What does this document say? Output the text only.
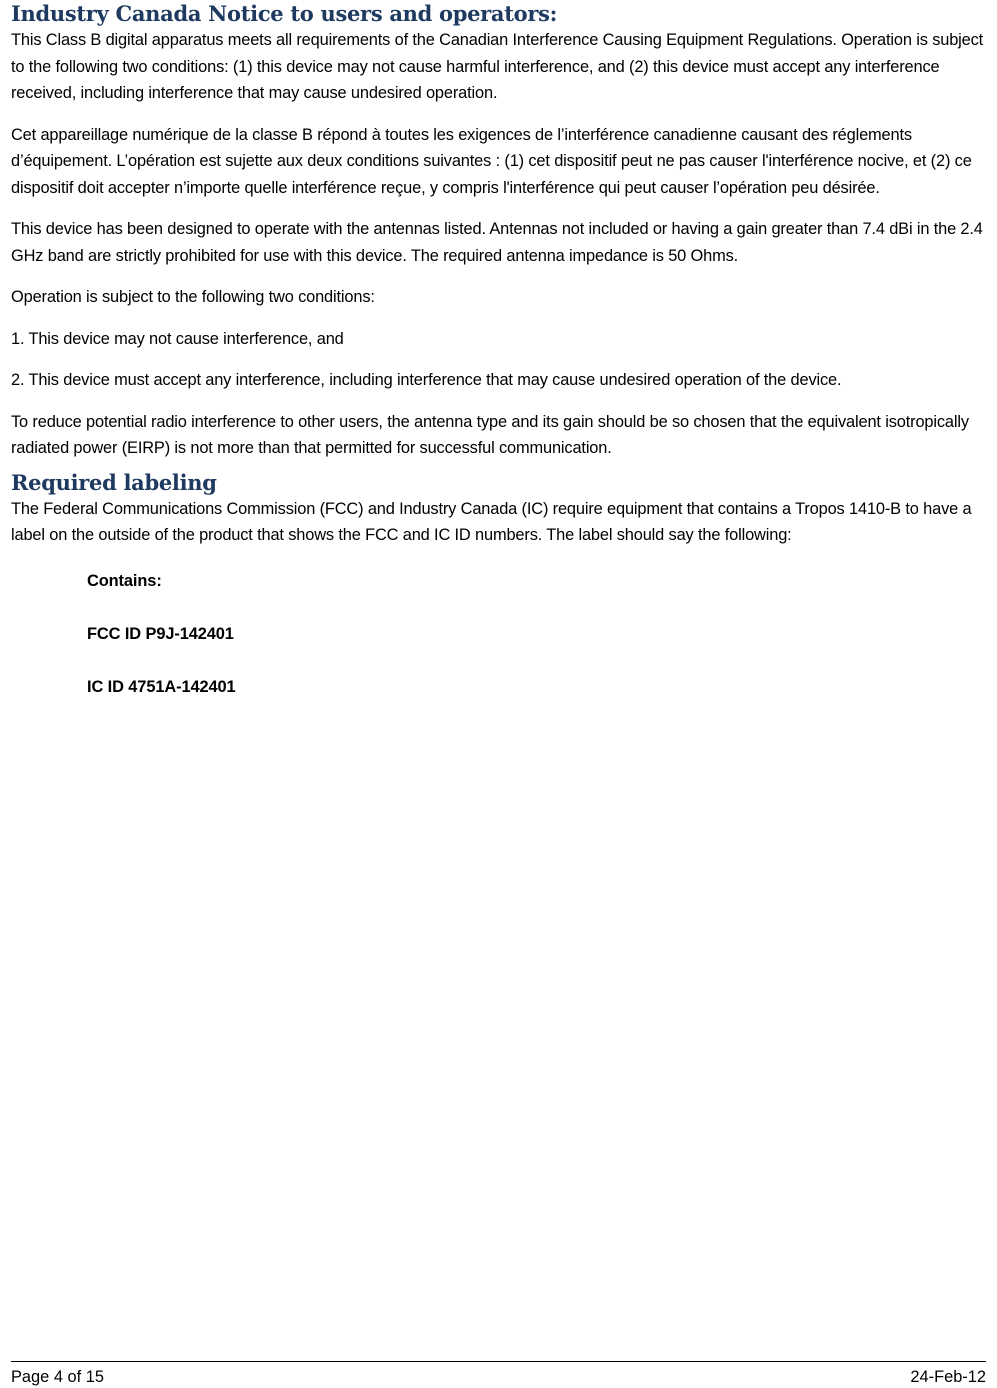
Industry Canada Notice to users and operators:

This Class B digital apparatus meets all requirements of the Canadian Interference Causing Equipment Regulations. Operation is subject to the following two conditions: (1) this device may not cause harmful interference, and (2) this device must accept any interference received, including interference that may cause undesired operation.

Cet appareillage numérique de la classe B répond à toutes les exigences de l’interférence canadienne causant des réglements d’équipement. L’opération est sujette aux deux conditions suivantes : (1) cet dispositif peut ne pas causer l'interférence nocive, et (2) ce dispositif doit accepter n’importe quelle interférence reçue, y compris l'interférence qui peut causer l’opération peu désirée.

This device has been designed to operate with the antennas listed. Antennas not included or having a gain greater than 7.4 dBi in the 2.4 GHz band are strictly prohibited for use with this device. The required antenna impedance is 50 Ohms.

Operation is subject to the following two conditions:

1. This device may not cause interference, and

2. This device must accept any interference, including interference that may cause undesired operation of the device.

To reduce potential radio interference to other users, the antenna type and its gain should be so chosen that the equivalent isotropically radiated power (EIRP) is not more than that permitted for successful communication.

Required labeling

The Federal Communications Commission (FCC) and Industry Canada (IC) require equipment that contains a Tropos 1410-B to have a label on the outside of the product that shows the FCC and IC ID numbers. The label should say the following:

Contains:
FCC ID P9J-142401
IC ID 4751A-142401
Page 4 of 15	24-Feb-12
